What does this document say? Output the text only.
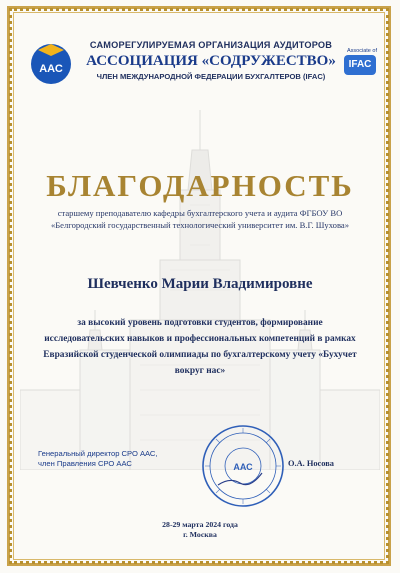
ААС
САМОРЕГУЛИРУЕМАЯ ОРГАНИЗАЦИЯ АУДИТОРОВ
АССОЦИАЦИЯ «СОДРУЖЕСТВО»
ЧЛЕН МЕЖДУНАРОДНОЙ ФЕДЕРАЦИИ БУХГАЛТЕРОВ (IFAC)
Associate of
IFAC
БЛАГОДАРНОСТЬ
старшему преподавателю кафедры бухгалтерского учета и аудита ФГБОУ ВО «Белгородский государственный технологический университет им. В.Г. Шухова»
Шевченко Марии Владимировне
за высокий уровень подготовки студентов, формирование исследовательских навыков и профессиональных компетенций в рамках Евразийской студенческой олимпиады по бухгалтерскому учету «Бухучет вокруг нас»
Генеральный директор СРО ААС,
член Правления СРО ААС	ААС	О.А. Носова
28-29 марта 2024 года
г. Москва
